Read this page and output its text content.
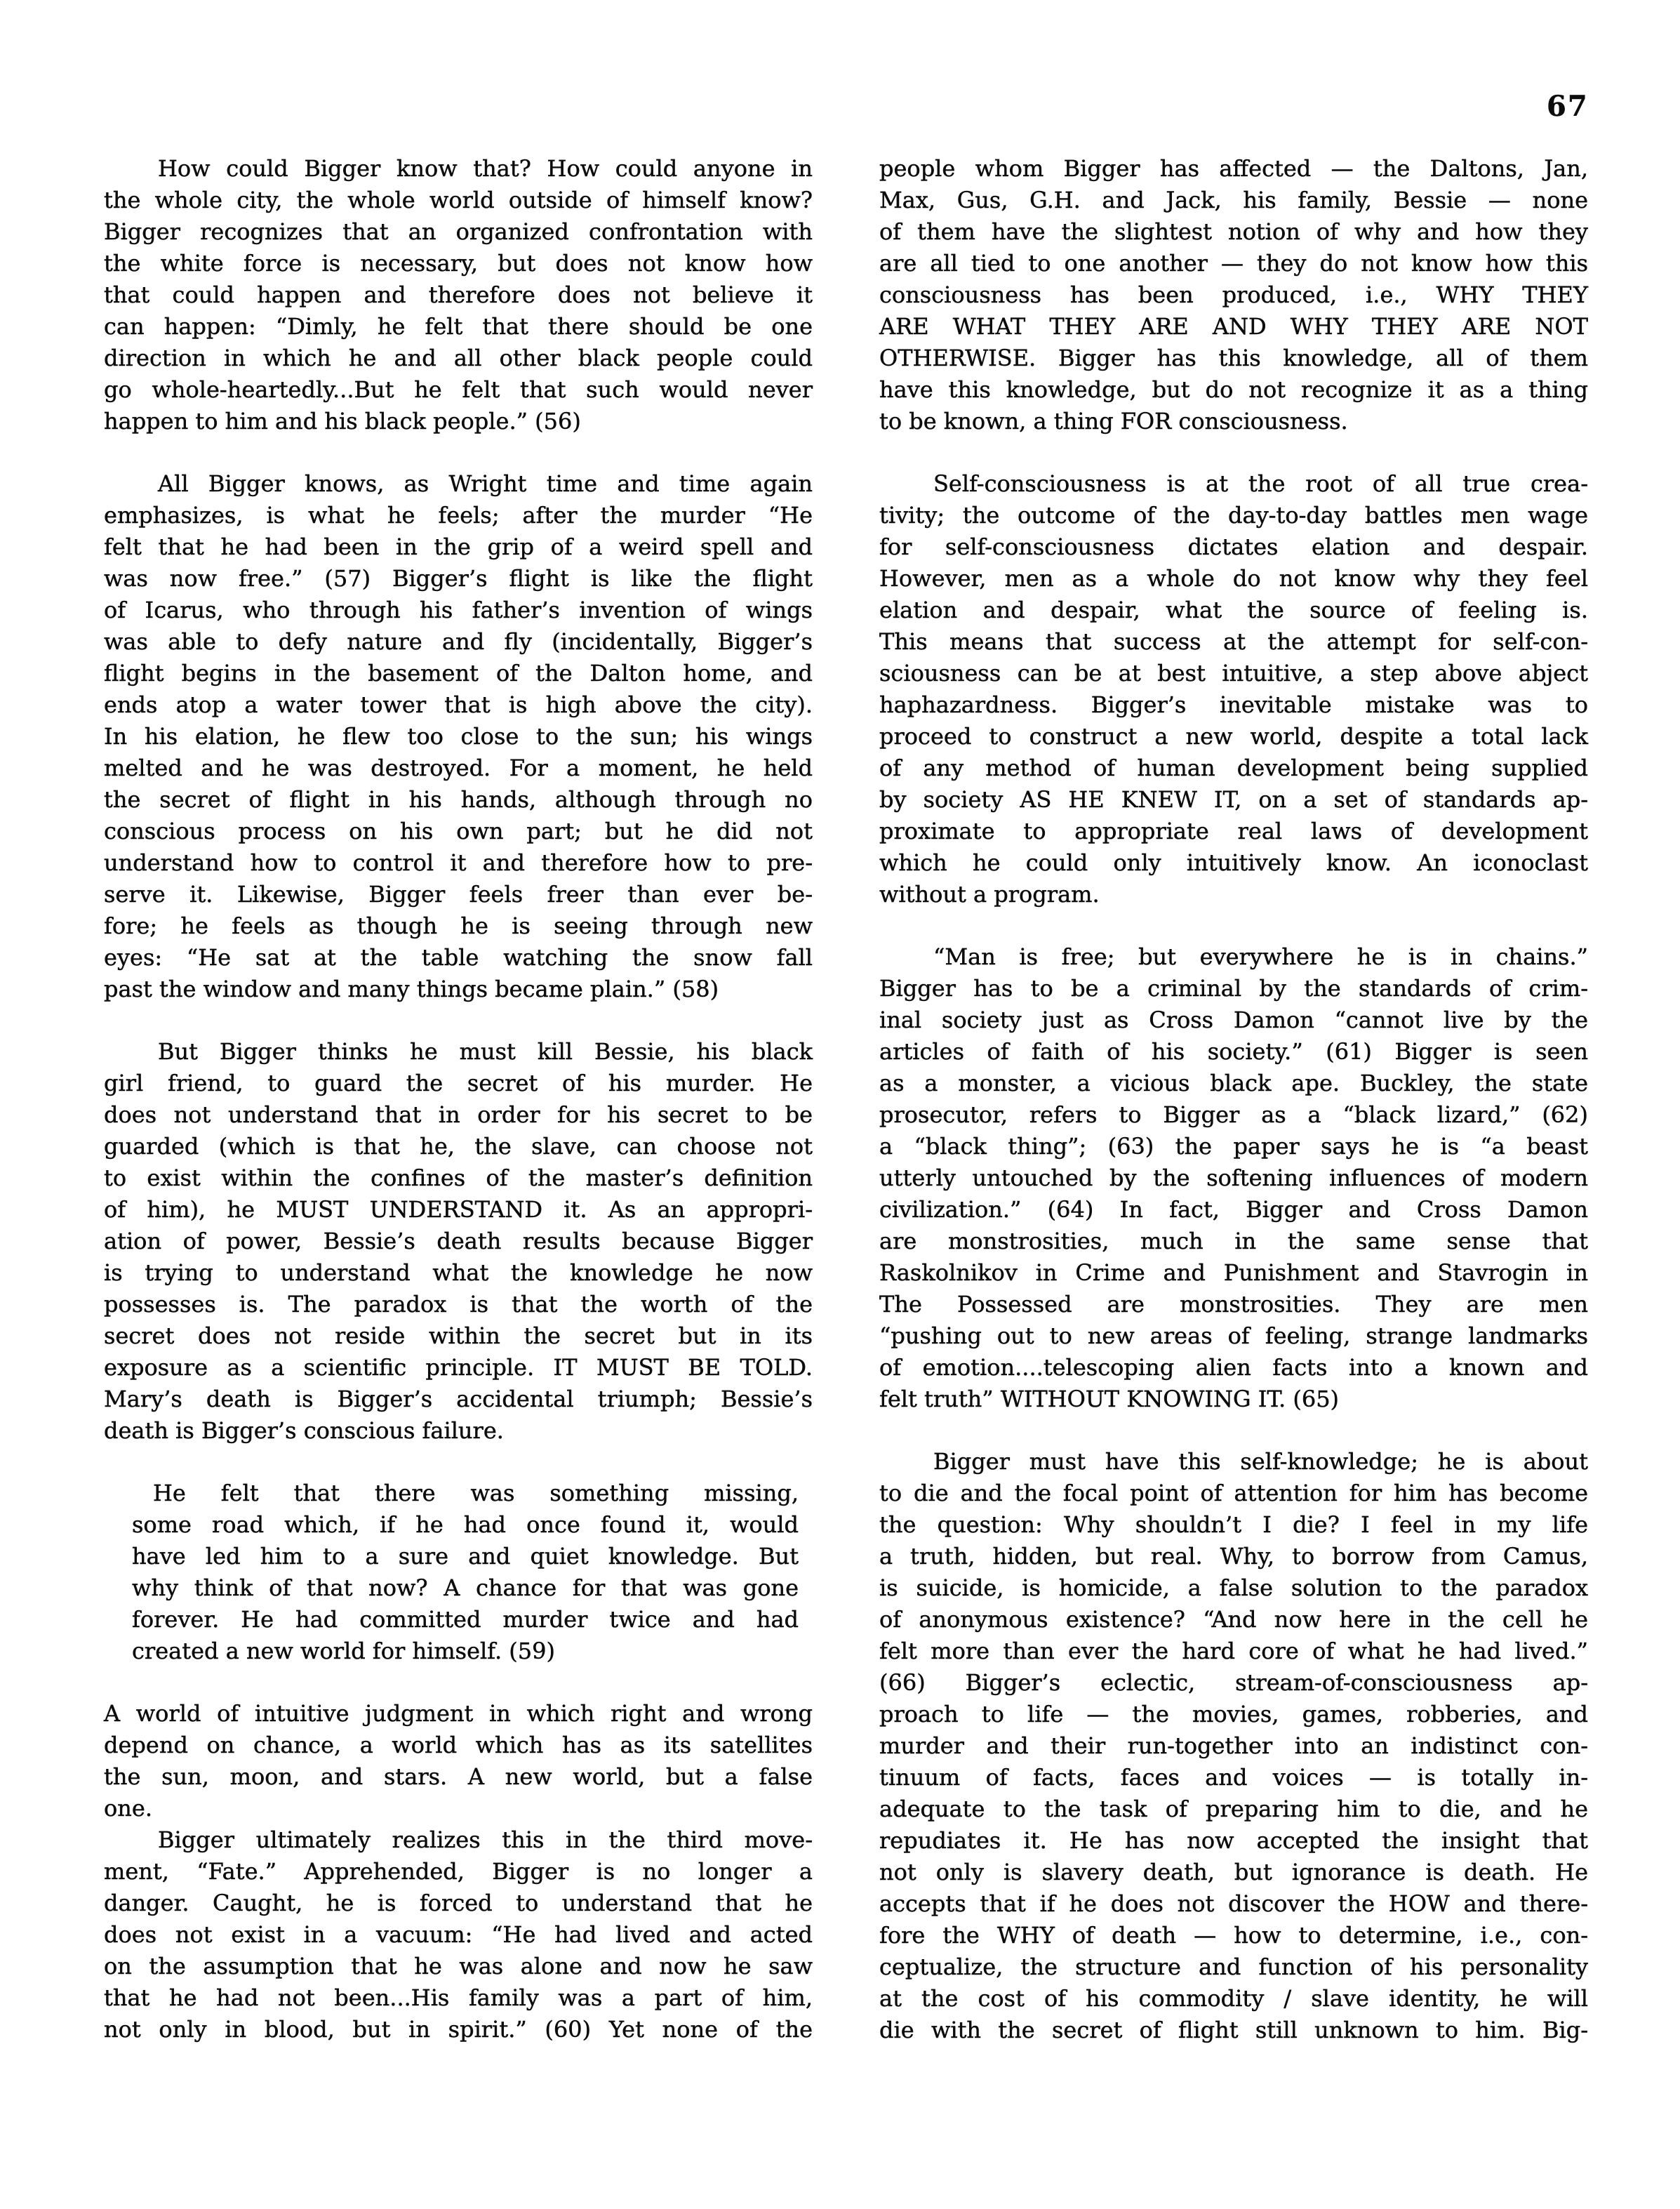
67
How could Bigger know that? How could anyone in
the whole city, the whole world outside of himself know?
Bigger recognizes that an organized confrontation with
the white force is necessary, but does not know how
that could happen and therefore does not believe it
can happen: “Dimly, he felt that there should be one
direction in which he and all other black people could
go whole-heartedly...But he felt that such would never
happen to him and his black people.” (56)
All Bigger knows, as Wright time and time again
emphasizes, is what he feels; after the murder “He
felt that he had been in the grip of a weird spell and
was now free.” (57) Bigger’s flight is like the flight
of Icarus, who through his father’s invention of wings
was able to defy nature and fly (incidentally, Bigger’s
flight begins in the basement of the Dalton home, and
ends atop a water tower that is high above the city).
In his elation, he flew too close to the sun; his wings
melted and he was destroyed. For a moment, he held
the secret of flight in his hands, although through no
conscious process on his own part; but he did not
understand how to control it and therefore how to pre-
serve it. Likewise, Bigger feels freer than ever be-
fore; he feels as though he is seeing through new
eyes: “He sat at the table watching the snow fall
past the window and many things became plain.” (58)
But Bigger thinks he must kill Bessie, his black
girl friend, to guard the secret of his murder. He
does not understand that in order for his secret to be
guarded (which is that he, the slave, can choose not
to exist within the confines of the master’s definition
of him), he MUST UNDERSTAND it. As an appropri-
ation of power, Bessie’s death results because Bigger
is trying to understand what the knowledge he now
possesses is. The paradox is that the worth of the
secret does not reside within the secret but in its
exposure as a scientific principle. IT MUST BE TOLD.
Mary’s death is Bigger’s accidental triumph; Bessie’s
death is Bigger’s conscious failure.
He felt that there was something missing,
some road which, if he had once found it, would
have led him to a sure and quiet knowledge. But
why think of that now? A chance for that was gone
forever. He had committed murder twice and had
created a new world for himself. (59)
A world of intuitive judgment in which right and wrong
depend on chance, a world which has as its satellites
the sun, moon, and stars. A new world, but a false
one.
Bigger ultimately realizes this in the third move-
ment, “Fate.” Apprehended, Bigger is no longer a
danger. Caught, he is forced to understand that he
does not exist in a vacuum: “He had lived and acted
on the assumption that he was alone and now he saw
that he had not been...His family was a part of him,
not only in blood, but in spirit.” (60) Yet none of the
people whom Bigger has affected — the Daltons, Jan,
Max, Gus, G.H. and Jack, his family, Bessie — none
of them have the slightest notion of why and how they
are all tied to one another — they do not know how this
consciousness has been produced, i.e., WHY THEY
ARE WHAT THEY ARE AND WHY THEY ARE NOT
OTHERWISE. Bigger has this knowledge, all of them
have this knowledge, but do not recognize it as a thing
to be known, a thing FOR consciousness.
Self-consciousness is at the root of all true crea-
tivity; the outcome of the day-to-day battles men wage
for self-consciousness dictates elation and despair.
However, men as a whole do not know why they feel
elation and despair, what the source of feeling is.
This means that success at the attempt for self-con-
sciousness can be at best intuitive, a step above abject
haphazardness. Bigger’s inevitable mistake was to
proceed to construct a new world, despite a total lack
of any method of human development being supplied
by society AS HE KNEW IT, on a set of standards ap-
proximate to appropriate real laws of development
which he could only intuitively know. An iconoclast
without a program.
“Man is free; but everywhere he is in chains.”
Bigger has to be a criminal by the standards of crim-
inal society just as Cross Damon “cannot live by the
articles of faith of his society.” (61) Bigger is seen
as a monster, a vicious black ape. Buckley, the state
prosecutor, refers to Bigger as a “black lizard,” (62)
a “black thing”; (63) the paper says he is “a beast
utterly untouched by the softening influences of modern
civilization.” (64) In fact, Bigger and Cross Damon
are monstrosities, much in the same sense that
Raskolnikov in Crime and Punishment and Stavrogin in
The Possessed are monstrosities. They are men
“pushing out to new areas of feeling, strange landmarks
of emotion....telescoping alien facts into a known and
felt truth” WITHOUT KNOWING IT. (65)
Bigger must have this self-knowledge; he is about
to die and the focal point of attention for him has become
the question: Why shouldn’t I die? I feel in my life
a truth, hidden, but real. Why, to borrow from Camus,
is suicide, is homicide, a false solution to the paradox
of anonymous existence? “And now here in the cell he
felt more than ever the hard core of what he had lived.”
(66) Bigger’s eclectic, stream-of-consciousness ap-
proach to life — the movies, games, robberies, and
murder and their run-together into an indistinct con-
tinuum of facts, faces and voices — is totally in-
adequate to the task of preparing him to die, and he
repudiates it. He has now accepted the insight that
not only is slavery death, but ignorance is death. He
accepts that if he does not discover the HOW and there-
fore the WHY of death — how to determine, i.e., con-
ceptualize, the structure and function of his personality
at the cost of his commodity / slave identity, he will
die with the secret of flight still unknown to him. Big-
